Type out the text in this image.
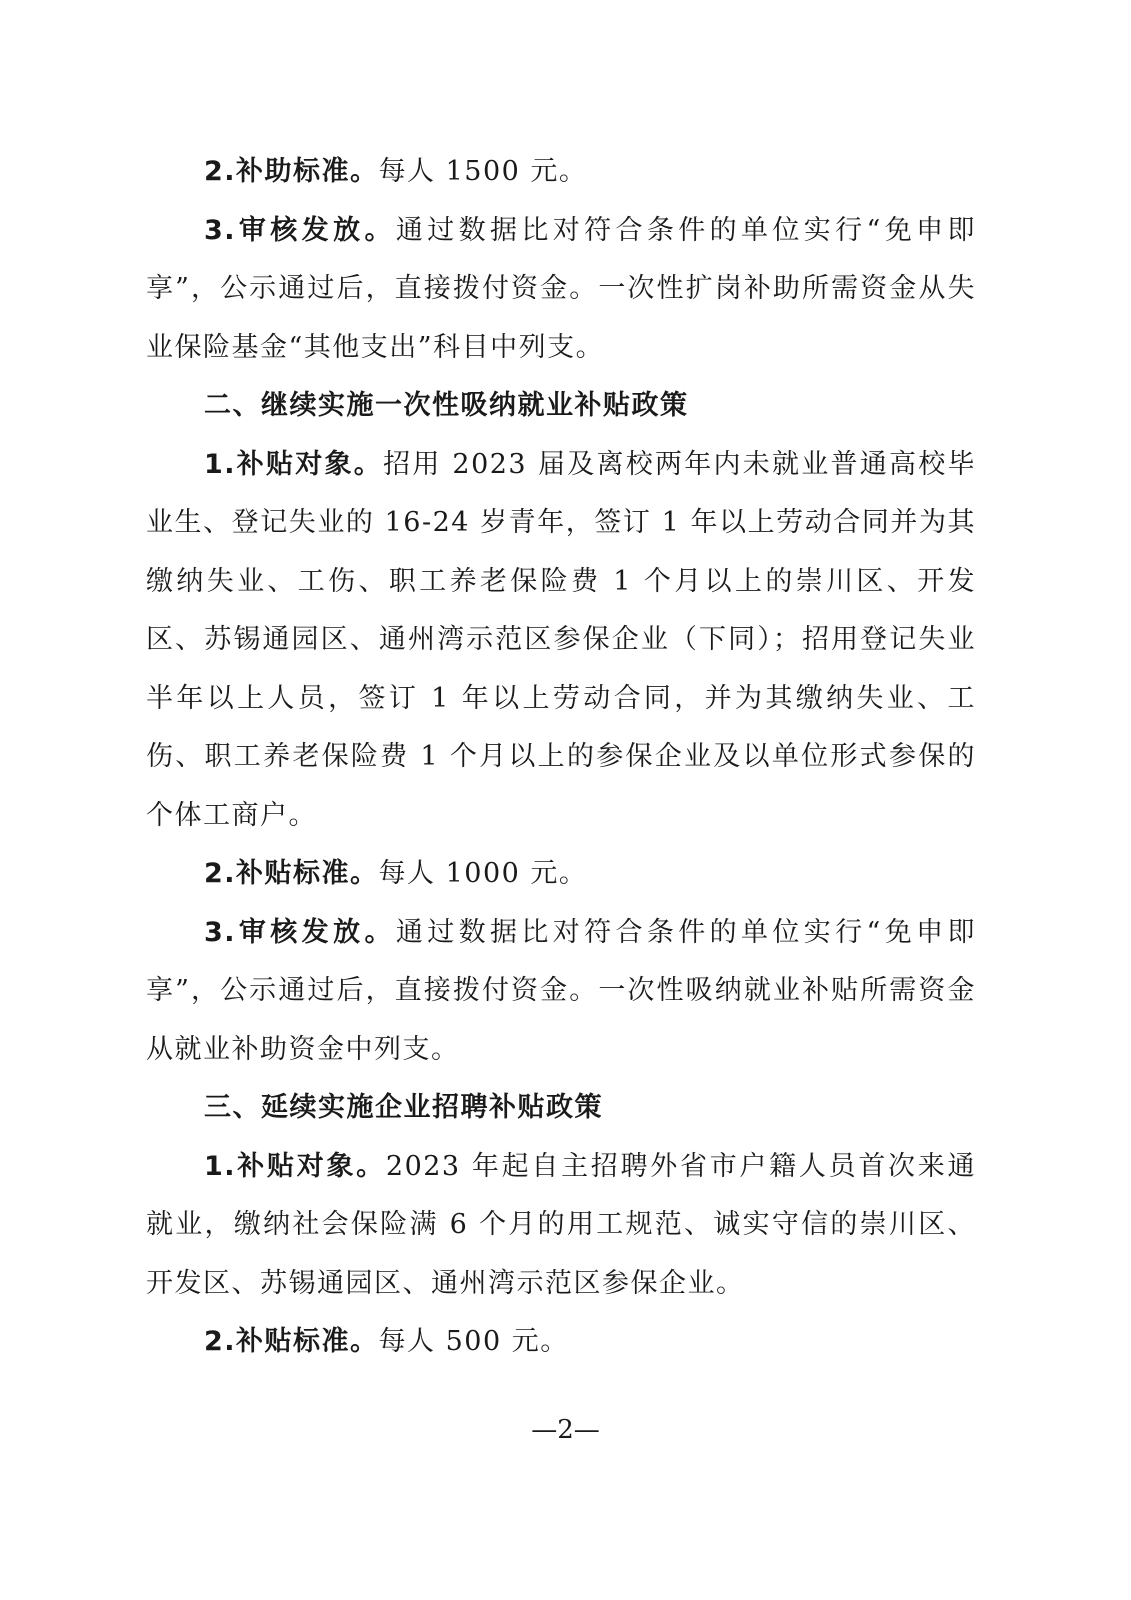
2.补助标准。每人 1500 元。

3.审核发放。通过数据比对符合条件的单位实行“免申即享”，公示通过后，直接拨付资金。一次性扩岗补助所需资金从失业保险基金“其他支出”科目中列支。

二、继续实施一次性吸纳就业补贴政策

1.补贴对象。招用 2023 届及离校两年内未就业普通高校毕业生、登记失业的 16-24 岁青年，签订 1 年以上劳动合同并为其缴纳失业、工伤、职工养老保险费 1 个月以上的崇川区、开发区、苏锡通园区、通州湾示范区参保企业（下同）；招用登记失业半年以上人员，签订 1 年以上劳动合同，并为其缴纳失业、工伤、职工养老保险费 1 个月以上的参保企业及以单位形式参保的个体工商户。

2.补贴标准。每人 1000 元。

3.审核发放。通过数据比对符合条件的单位实行“免申即享”，公示通过后，直接拨付资金。一次性吸纳就业补贴所需资金从就业补助资金中列支。

三、延续实施企业招聘补贴政策

1.补贴对象。2023 年起自主招聘外省市户籍人员首次来通就业，缴纳社会保险满 6 个月的用工规范、诚实守信的崇川区、开发区、苏锡通园区、通州湾示范区参保企业。

2.补贴标准。每人 500 元。

—2—
